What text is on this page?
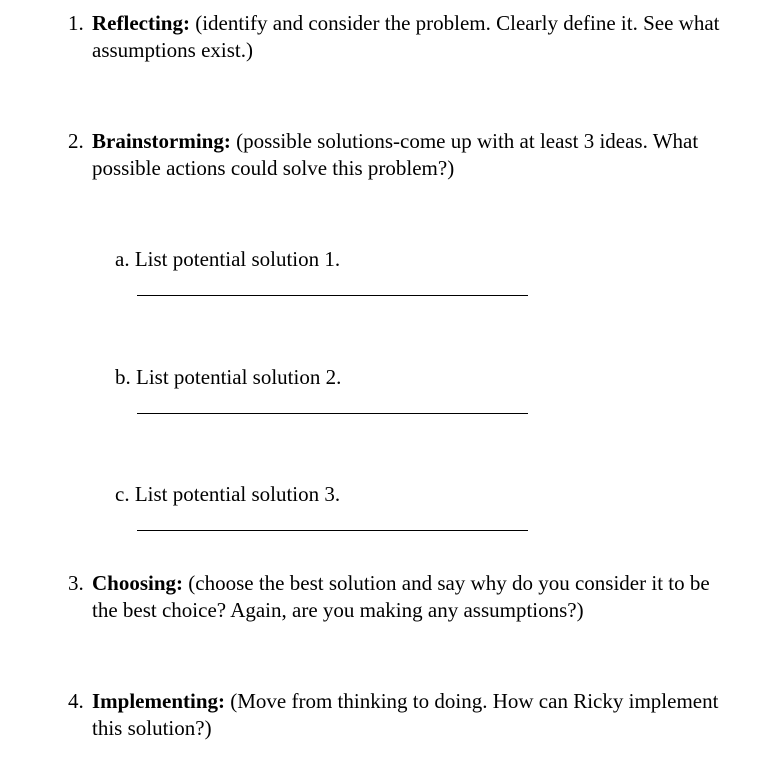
1. Reflecting: (identify and consider the problem. Clearly define it. See what assumptions exist.)
2. Brainstorming: (possible solutions-come up with at least 3 ideas. What possible actions could solve this problem?)
a. List potential solution 1.
b. List potential solution 2.
c. List potential solution 3.
3. Choosing: (choose the best solution and say why do you consider it to be the best choice? Again, are you making any assumptions?)
4. Implementing: (Move from thinking to doing. How can Ricky implement this solution?)
